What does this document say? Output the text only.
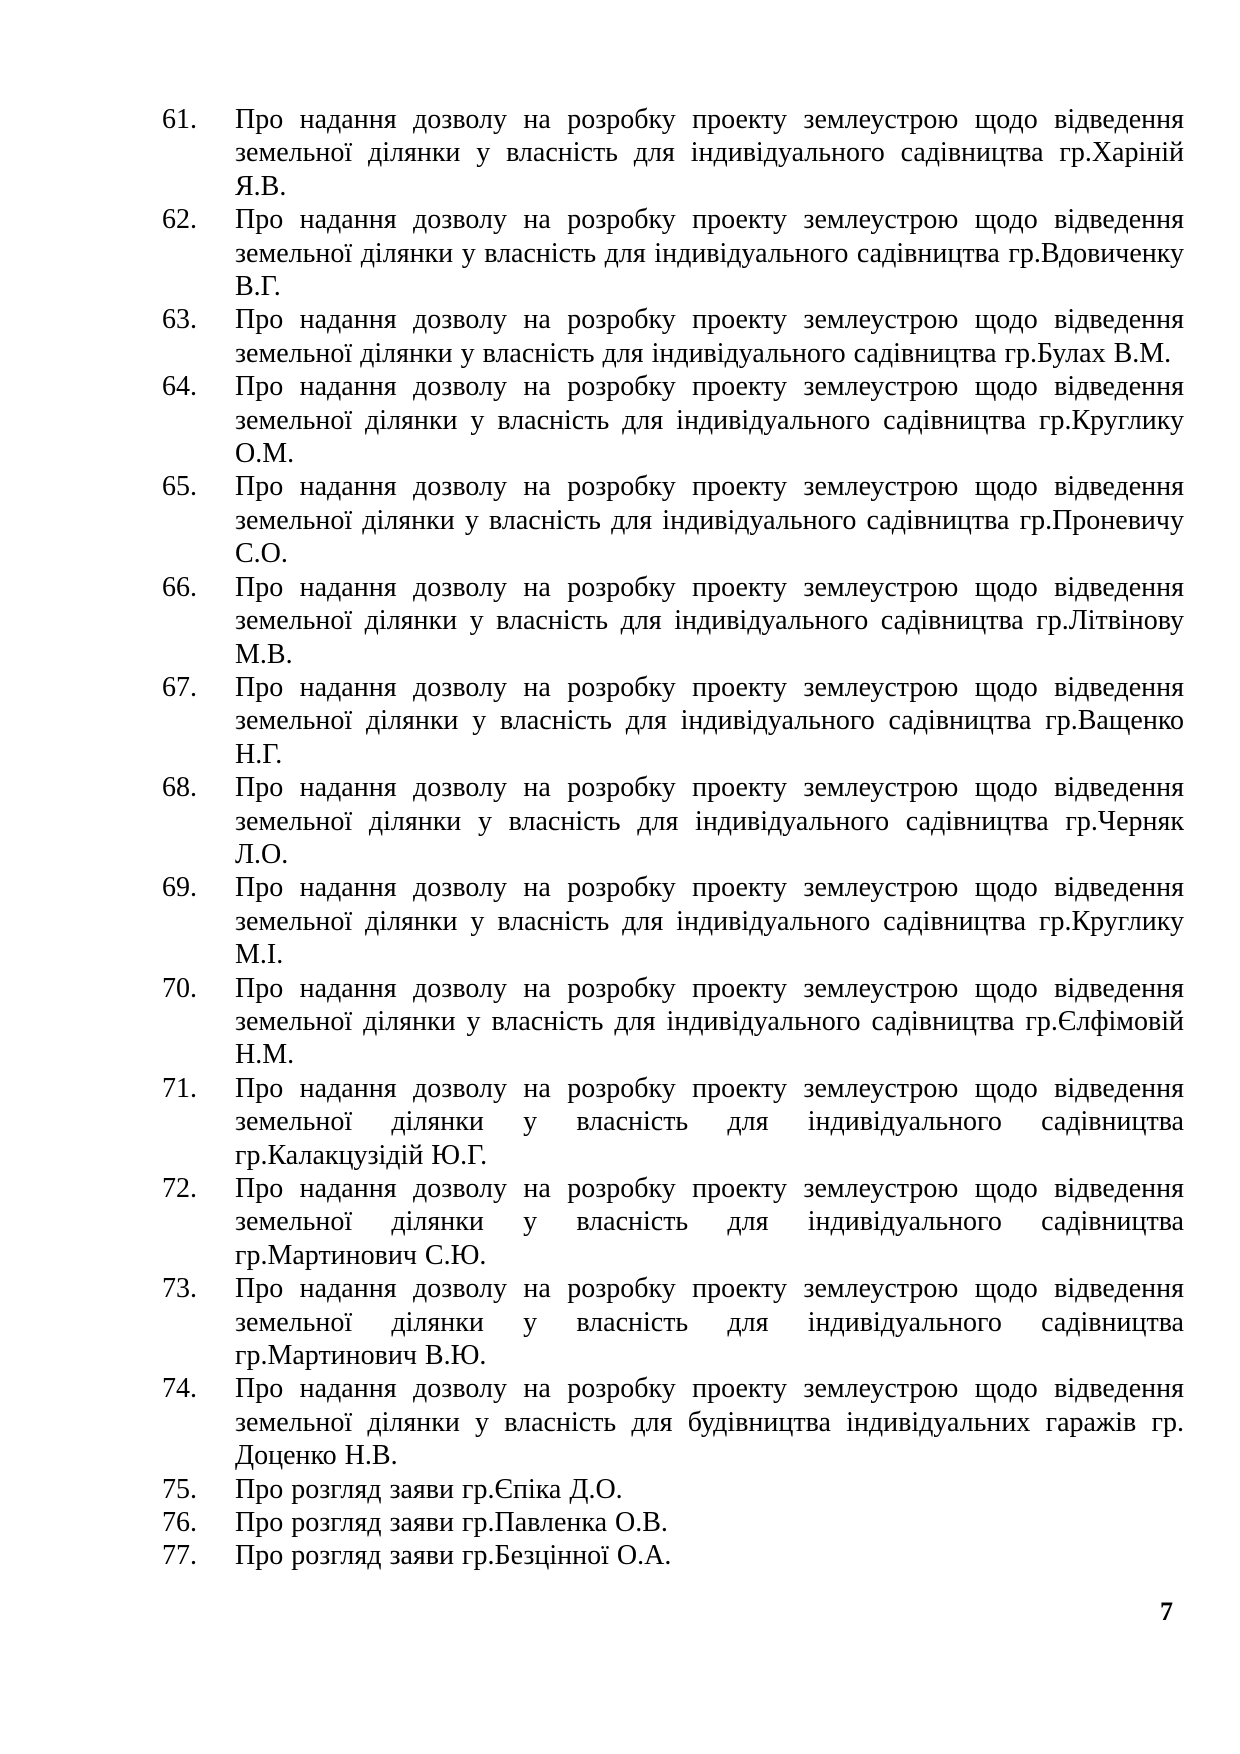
61.	Про надання дозволу на розробку проекту землеустрою щодо відведення земельної ділянки у власність для індивідуального садівництва гр.Харіній Я.В.
62.	Про надання дозволу на розробку проекту землеустрою щодо відведення земельної ділянки у власність для індивідуального садівництва гр.Вдовиченку В.Г.
63.	Про надання дозволу на розробку проекту землеустрою щодо відведення земельної ділянки у власність для індивідуального садівництва гр.Булах В.М.
64.	Про надання дозволу на розробку проекту землеустрою щодо відведення земельної ділянки у власність для індивідуального садівництва гр.Круглику О.М.
65.	Про надання дозволу на розробку проекту землеустрою щодо відведення земельної ділянки у власність для індивідуального садівництва гр.Проневичу С.О.
66.	Про надання дозволу на розробку проекту землеустрою щодо відведення земельної ділянки у власність для індивідуального садівництва гр.Літвінову М.В.
67.	Про надання дозволу на розробку проекту землеустрою щодо відведення земельної ділянки у власність для індивідуального садівництва гр.Ващенко Н.Г.
68.	Про надання дозволу на розробку проекту землеустрою щодо відведення земельної ділянки у власність для індивідуального садівництва гр.Черняк Л.О.
69.	Про надання дозволу на розробку проекту землеустрою щодо відведення земельної ділянки у власність для індивідуального садівництва гр.Круглику М.І.
70.	Про надання дозволу на розробку проекту землеустрою щодо відведення земельної ділянки у власність для індивідуального садівництва гр.Єлфімовій Н.М.
71.	Про надання дозволу на розробку проекту землеустрою щодо відведення земельної ділянки у власність для індивідуального садівництва гр.Калакцузідій Ю.Г.
72.	Про надання дозволу на розробку проекту землеустрою щодо відведення земельної ділянки у власність для індивідуального садівництва гр.Мартинович С.Ю.
73.	Про надання дозволу на розробку проекту землеустрою щодо відведення земельної ділянки у власність для індивідуального садівництва гр.Мартинович В.Ю.
74.	Про надання дозволу на розробку проекту землеустрою щодо відведення земельної ділянки у власність для будівництва індивідуальних гаражів гр. Доценко Н.В.
75.	Про розгляд заяви гр.Єпіка Д.О.
76.	Про розгляд заяви гр.Павленка О.В.
77.	Про розгляд заяви гр.Безцінної О.А.
7
